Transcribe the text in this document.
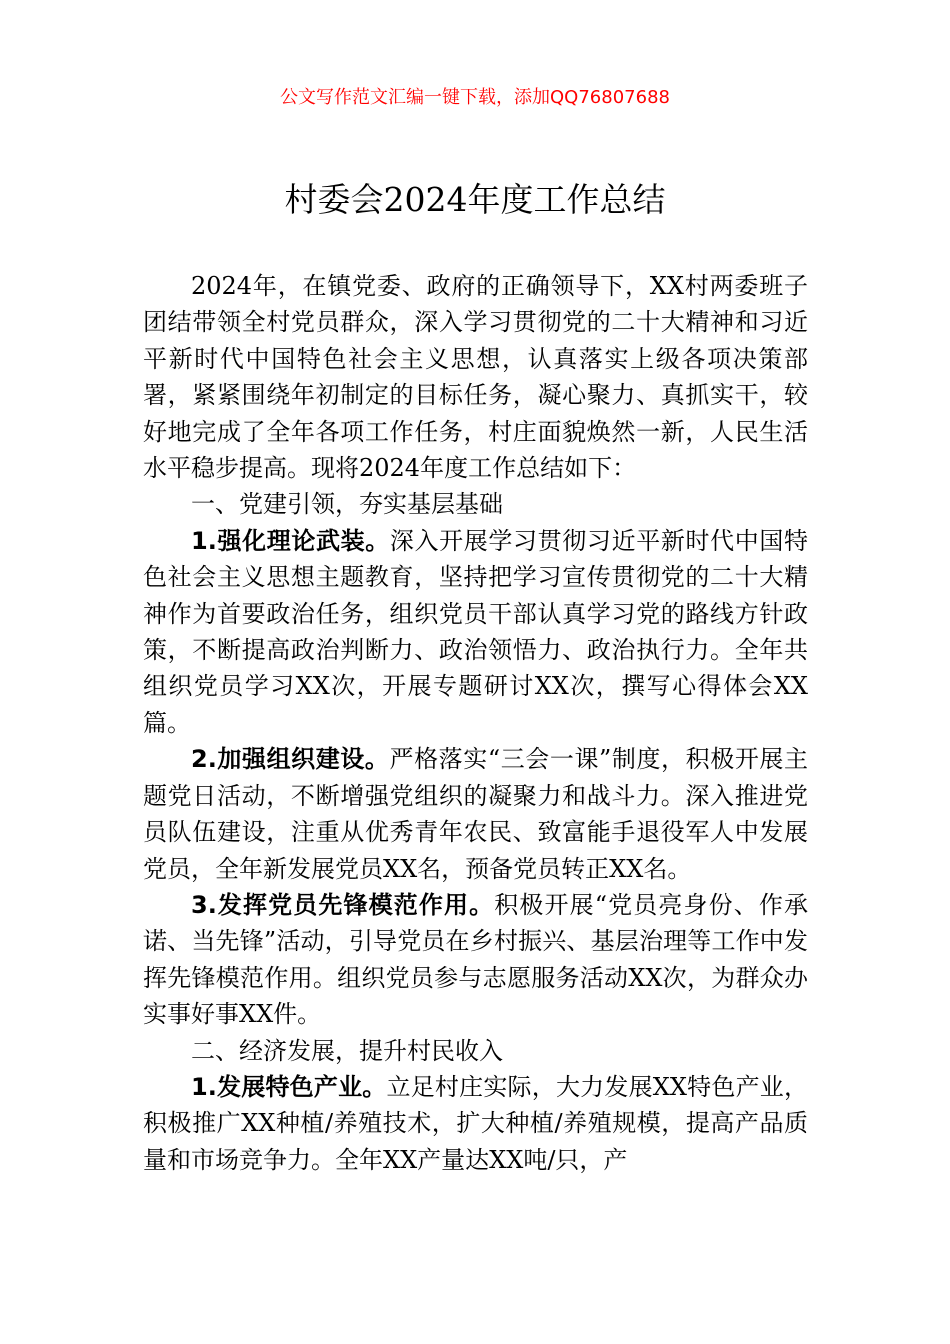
公文写作范文汇编一键下载，添加QQ76807688
村委会2024年度工作总结

2024年，在镇党委、政府的正确领导下，XX村两委班子团结带领全村党员群众，深入学习贯彻党的二十大精神和习近平新时代中国特色社会主义思想，认真落实上级各项决策部署，紧紧围绕年初制定的目标任务，凝心聚力、真抓实干，较好地完成了全年各项工作任务，村庄面貌焕然一新，人民生活水平稳步提高。现将2024年度工作总结如下：

一、党建引领，夯实基层基础

1.强化理论武装。深入开展学习贯彻习近平新时代中国特色社会主义思想主题教育，坚持把学习宣传贯彻党的二十大精神作为首要政治任务，组织党员干部认真学习党的路线方针政策，不断提高政治判断力、政治领悟力、政治执行力。全年共组织党员学习XX次，开展专题研讨XX次，撰写心得体会XX篇。

2.加强组织建设。严格落实“三会一课”制度，积极开展主题党日活动，不断增强党组织的凝聚力和战斗力。深入推进党员队伍建设，注重从优秀青年农民、致富能手退役军人中发展党员，全年新发展党员XX名，预备党员转正XX名。

3.发挥党员先锋模范作用。积极开展“党员亮身份、作承诺、当先锋”活动，引导党员在乡村振兴、基层治理等工作中发挥先锋模范作用。组织党员参与志愿服务活动XX次，为群众办实事好事XX件。

二、经济发展，提升村民收入

1.发展特色产业。立足村庄实际，大力发展XX特色产业，积极推广XX种植/养殖技术，扩大种植/养殖规模，提高产品质量和市场竞争力。全年XX产量达XX吨/只，产
